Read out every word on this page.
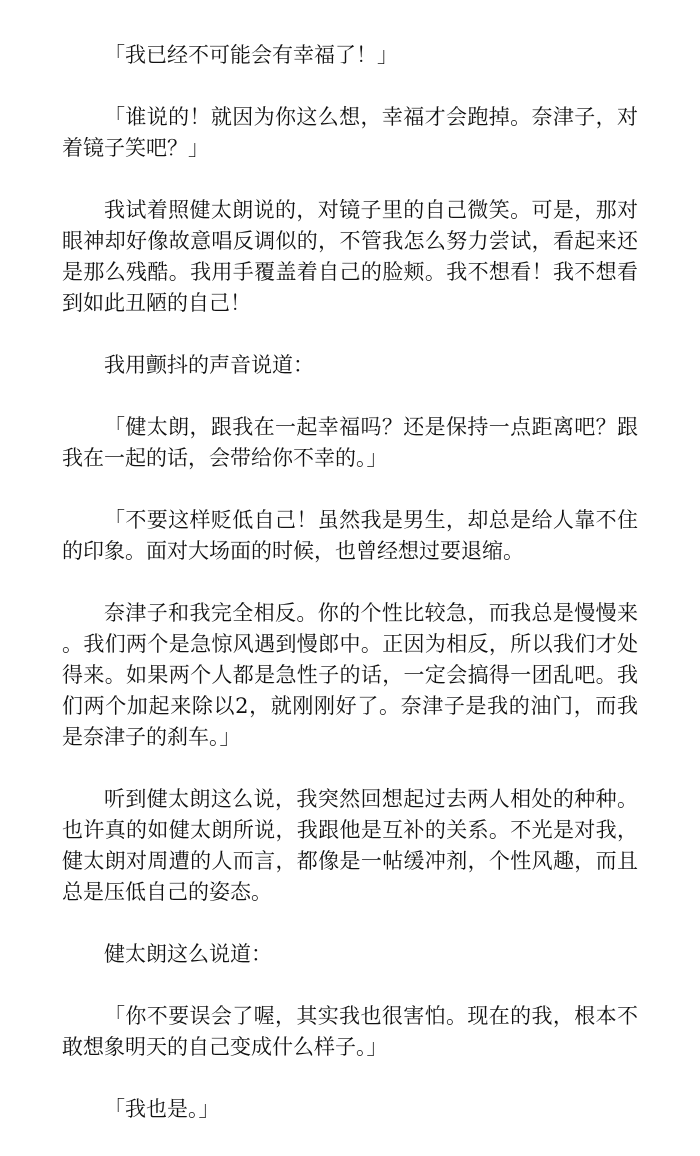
「我已经不可能会有幸福了！」

「谁说的！就因为你这么想，幸福才会跑掉。奈津子，对着镜子笑吧？」

我试着照健太朗说的，对镜子里的自己微笑。可是，那对眼神却好像故意唱反调似的，不管我怎么努力尝试，看起来还是那么残酷。我用手覆盖着自己的脸颊。我不想看！我不想看到如此丑陋的自己！

我用颤抖的声音说道：

「健太朗，跟我在一起幸福吗？还是保持一点距离吧？跟我在一起的话，会带给你不幸的。」

「不要这样贬低自己！虽然我是男生，却总是给人靠不住的印象。面对大场面的时候，也曾经想过要退缩。

奈津子和我完全相反。你的个性比较急，而我总是慢慢来。我们两个是急惊风遇到慢郎中。正因为相反，所以我们才处得来。如果两个人都是急性子的话，一定会搞得一团乱吧。我们两个加起来除以2，就刚刚好了。奈津子是我的油门，而我是奈津子的刹车。」

听到健太朗这么说，我突然回想起过去两人相处的种种。也许真的如健太朗所说，我跟他是互补的关系。不光是对我，健太朗对周遭的人而言，都像是一帖缓冲剂，个性风趣，而且总是压低自己的姿态。

健太朗这么说道：

「你不要误会了喔，其实我也很害怕。现在的我，根本不敢想象明天的自己变成什么样子。」

「我也是。」
